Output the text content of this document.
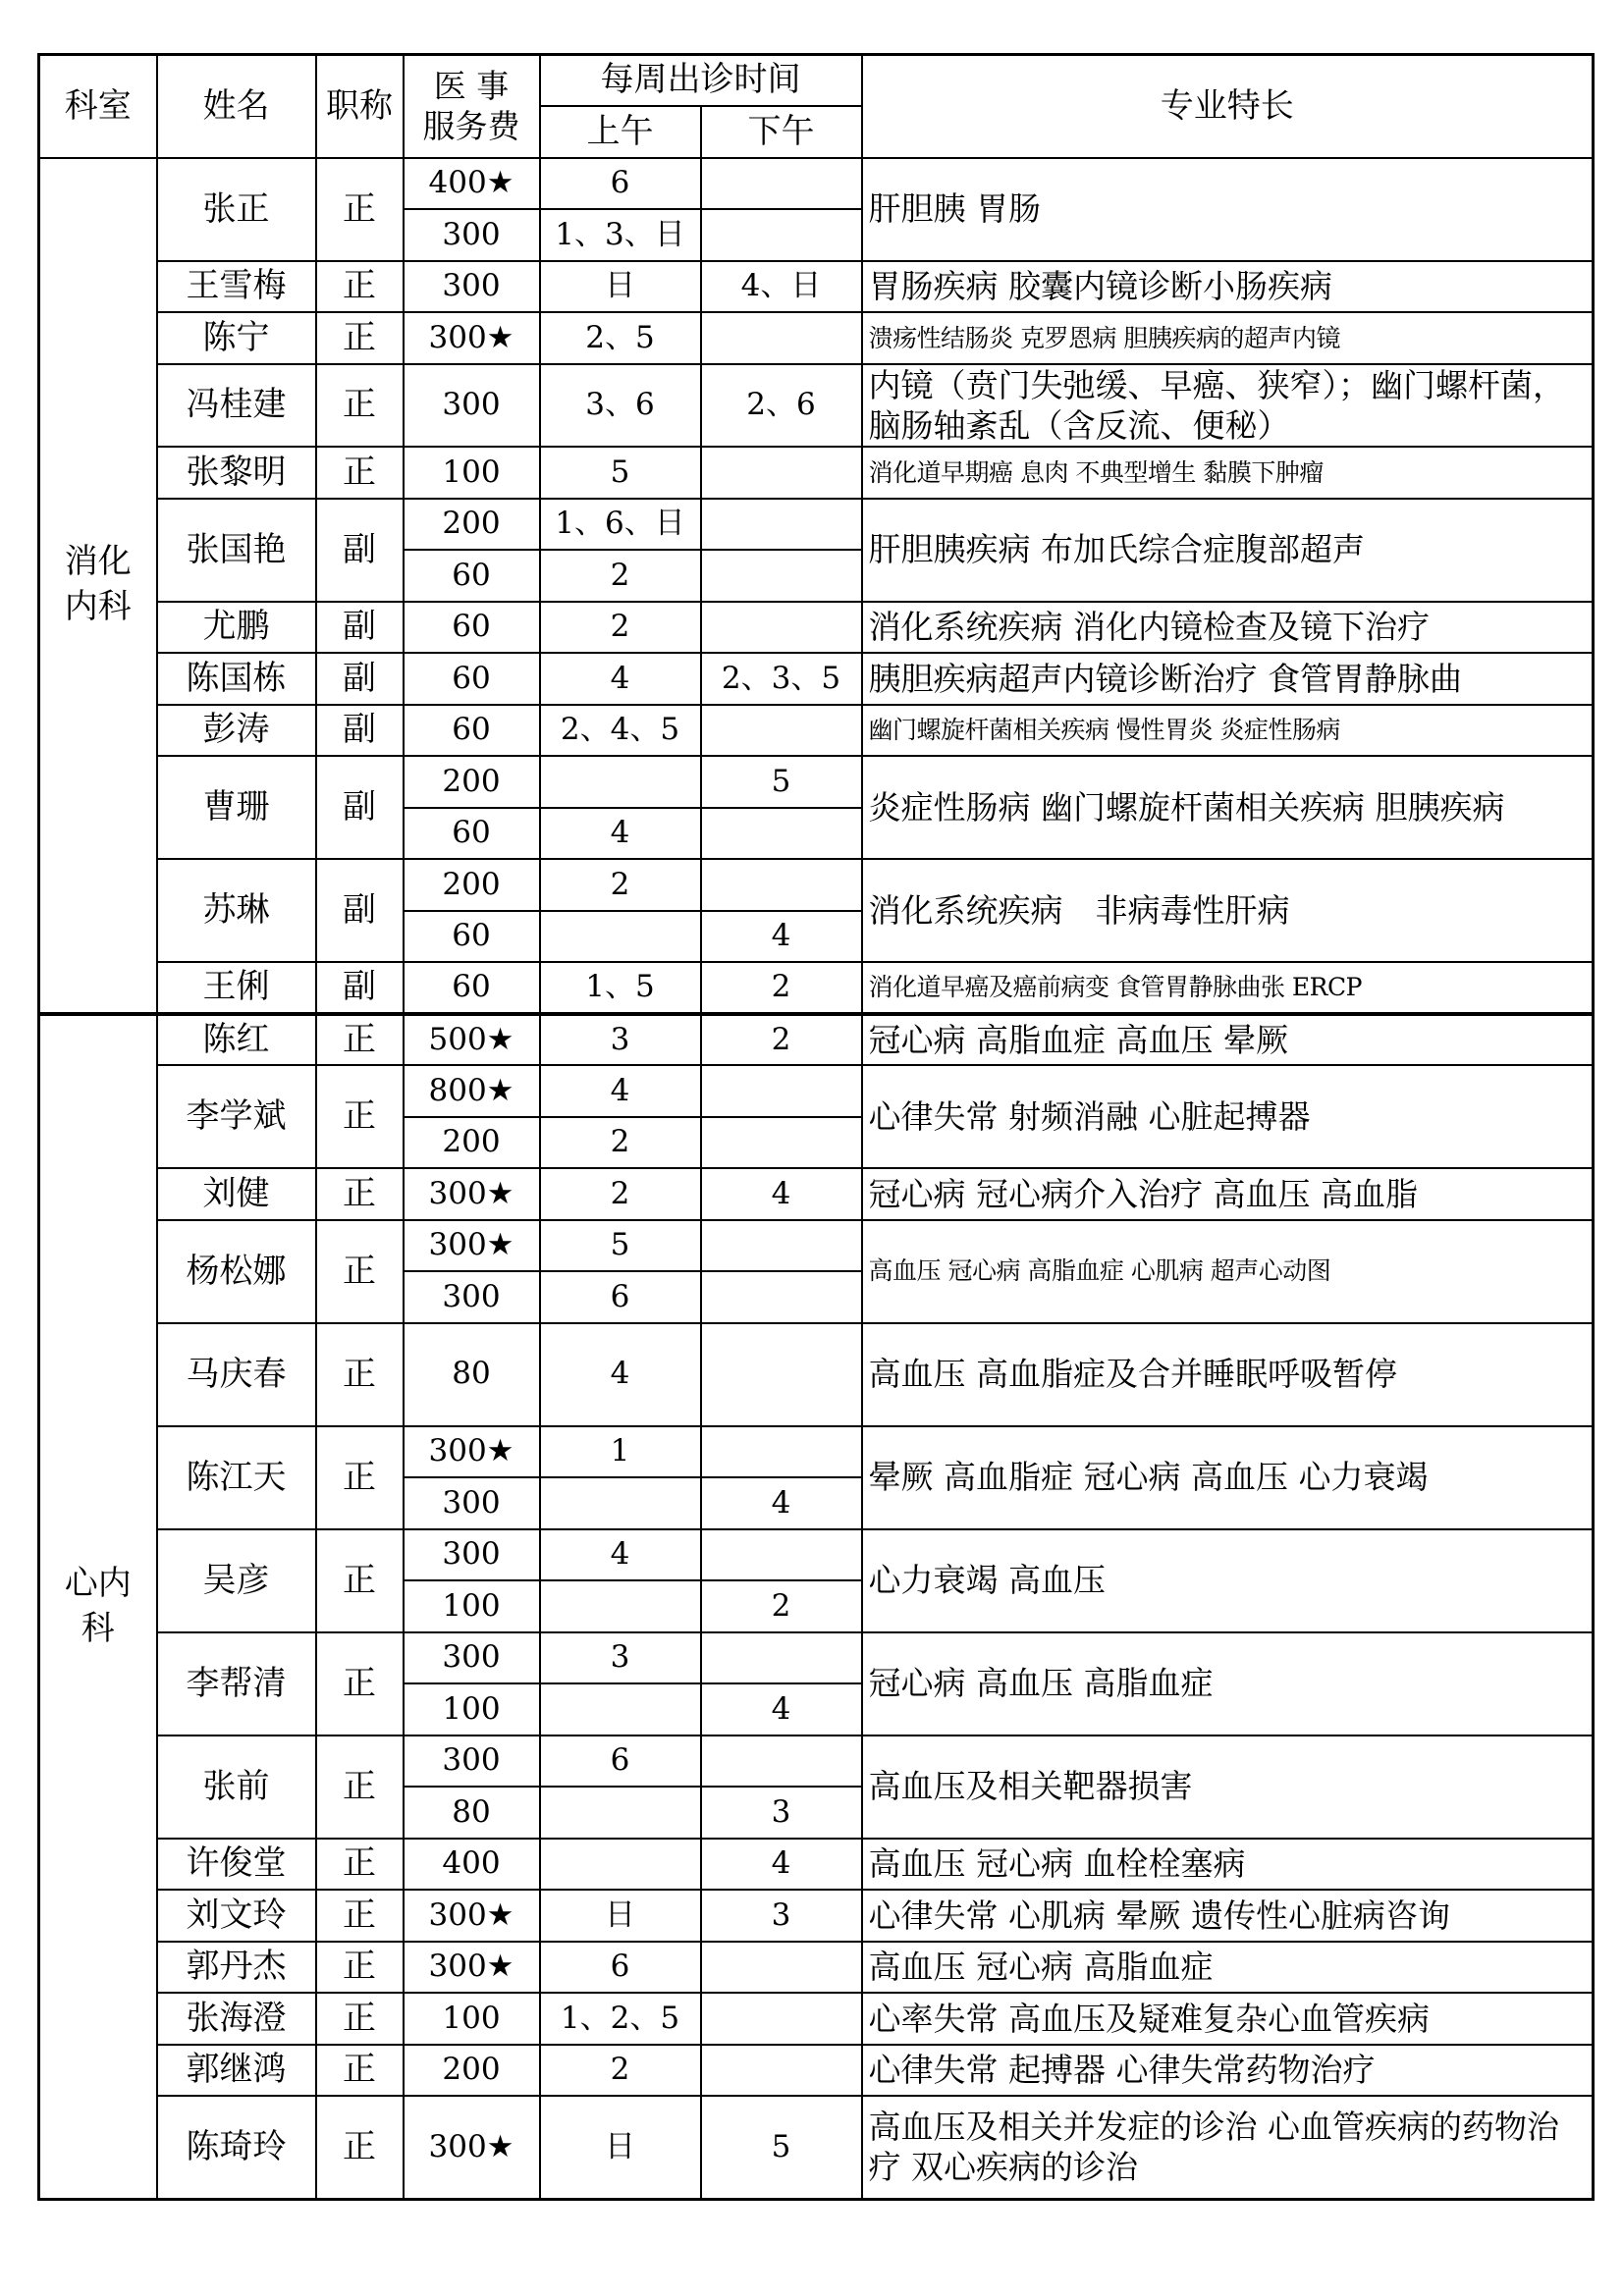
科室	姓名	职称	医 事
服务费	每周出诊时间		专业特长
				上午	下午	
消化内科	张正	正	400★	6		肝胆胰 胃肠
			300	1、3、日		
	王雪梅	正	300	日	4、日	胃肠疾病 胶囊内镜诊断小肠疾病
	陈宁	正	300★	2、5		溃疡性结肠炎 克罗恩病 胆胰疾病的超声内镜
	冯桂建	正	300	3、6	2、6	内镜（贲门失弛缓、早癌、狭窄）；幽门螺杆菌，脑肠轴紊乱（含反流、便秘）
	张黎明	正	100	5		消化道早期癌 息肉 不典型增生 黏膜下肿瘤
	张国艳	副	200	1、6、日		肝胆胰疾病 布加氏综合症腹部超声
			60	2		
	尤鹏	副	60	2		消化系统疾病 消化内镜检查及镜下治疗
	陈国栋	副	60	4	2、3、5	胰胆疾病超声内镜诊断治疗 食管胃静脉曲
	彭涛	副	60	2、4、5		幽门螺旋杆菌相关疾病 慢性胃炎 炎症性肠病
	曹珊	副	200		5	炎症性肠病 幽门螺旋杆菌相关疾病 胆胰疾病
			60	4		
	苏琳	副	200	2		消化系统疾病　非病毒性肝病
			60		4	
	王俐	副	60	1、5	2	消化道早癌及癌前病变 食管胃静脉曲张 ERCP
心内科	陈红	正	500★	3	2	冠心病 高脂血症 高血压 晕厥
	李学斌	正	800★	4		心律失常 射频消融 心脏起搏器
			200	2		
	刘健	正	300★	2	4	冠心病 冠心病介入治疗 高血压 高血脂
	杨松娜	正	300★	5		高血压 冠心病 高脂血症 心肌病 超声心动图
			300	6		
	马庆春	正	80	4		高血压 高血脂症及合并睡眠呼吸暂停
	陈江天	正	300★	1		晕厥 高血脂症 冠心病 高血压 心力衰竭
			300		4	
	吴彦	正	300	4		心力衰竭 高血压
			100		2	
	李帮清	正	300	3		冠心病 高血压 高脂血症
			100		4	
	张前	正	300	6		高血压及相关靶器损害
			80		3	
	许俊堂	正	400		4	高血压 冠心病 血栓栓塞病
	刘文玲	正	300★	日	3	心律失常 心肌病 晕厥 遗传性心脏病咨询
	郭丹杰	正	300★	6		高血压 冠心病 高脂血症
	张海澄	正	100	1、2、5		心率失常 高血压及疑难复杂心血管疾病
	郭继鸿	正	200	2		心律失常 起搏器 心律失常药物治疗
	陈琦玲	正	300★	日	5	高血压及相关并发症的诊治 心血管疾病的药物治疗 双心疾病的诊治
